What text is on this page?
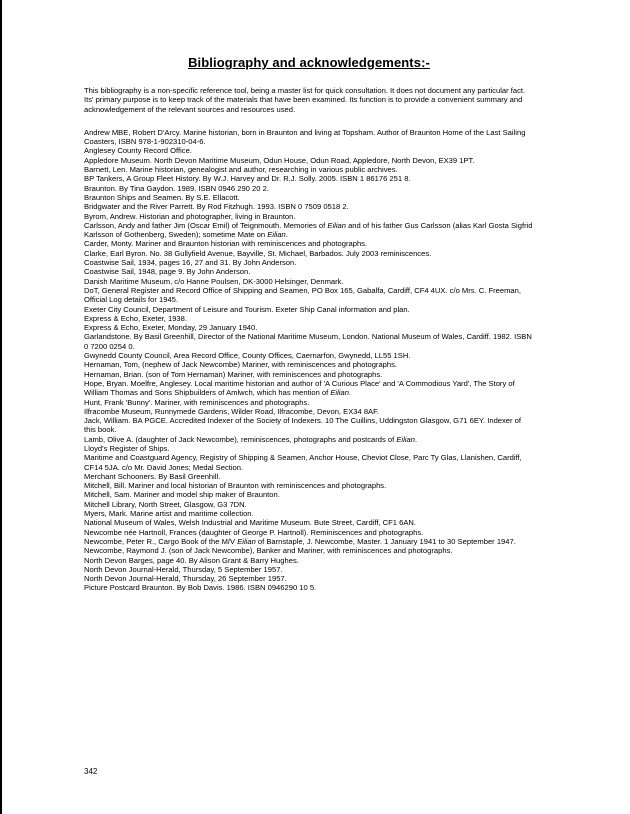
Bibliography and acknowledgements:-

This bibliography is a non-specific reference tool, being a master list for quick consultation. It does not document any particular fact. Its' primary purpose is to keep track of the materials that have been examined. Its function is to provide a convenient summary and acknowledgement of the relevant sources and resources used.

Andrew MBE, Robert D'Arcy. Marine historian, born in Braunton and living at Topsham. Author of Braunton Home of the Last Sailing Coasters, ISBN 978-1-902310-04-6.

Anglesey County Record Office.

Appledore Museum. North Devon Maritime Museum, Odun House, Odun Road, Appledore, North Devon, EX39 1PT.

Barnett, Len. Marine historian, genealogist and author, researching in various public archives.

BP Tankers, A Group Fleet History. By W.J. Harvey and Dr. R.J. Solly. 2005. ISBN 1 86176 251 8.

Braunton. By Tina Gaydon. 1989. ISBN 0946 290 20 2.

Braunton Ships and Seamen. By S.E. Ellacott.

Bridgwater and the River Parrett. By Rod Fitzhugh. 1993. ISBN 0 7509 0518 2.

Byrom, Andrew. Historian and photographer, living in Braunton.

Carlsson, Andy and father Jim (Oscar Emil) of Teignmouth. Memories of Eilian and of his father Gus Carlsson (alias Karl Gosta Sigfrid Karlsson of Gothenberg, Sweden); sometime Mate on Eilian.

Carder, Monty. Mariner and Braunton historian with reminiscences and photographs.

Clarke, Earl Byron. No. 38 Gullyfield Avenue, Bayville, St. Michael, Barbados. July 2003 reminiscences.

Coastwise Sail, 1934, pages 16, 27 and 31. By John Anderson.

Coastwise Sail, 1948, page 9. By John Anderson.

Danish Maritime Museum, c/o Hanne Poulsen, DK-3000 Helsinger, Denmark.

DoT, General Register and Record Office of Shipping and Seamen, PO Box 165, Gabalfa, Cardiff, CF4 4UX. c/o Mrs. C. Freeman, Official Log details for 1945.

Exeter City Council, Department of Leisure and Tourism. Exeter Ship Canal information and plan.

Express & Echo, Exeter, 1938.

Express & Echo, Exeter, Monday, 29 January 1940.

Garlandstone. By Basil Greenhill, Director of the National Maritime Museum, London. National Museum of Wales, Cardiff. 1982. ISBN 0 7200 0254 0.

Gwynedd County Council, Area Record Office, County Offices, Caernarfon, Gwynedd, LL55 1SH.

Hernaman, Tom, (nephew of Jack Newcombe) Mariner, with reminiscences and photographs.

Hernaman, Brian. (son of Tom Hernaman) Mariner, with reminiscences and photographs.

Hope, Bryan. Moelfre, Anglesey. Local maritime historian and author of 'A Curious Place' and 'A Commodious Yard', The Story of William Thomas and Sons Shipbuilders of Amlwch, which has mention of Eilian.

Hunt, Frank 'Bunny'. Mariner, with reminiscences and photographs.

Ilfracombe Museum, Runnymede Gardens, Wilder Road, Ilfracombe, Devon, EX34 8AF.

Jack, William. BA PGCE. Accredited Indexer of the Society of Indexers. 10 The Cuillins, Uddingston Glasgow, G71 6EY. Indexer of this book.

Lamb, Olive A. (daughter of Jack Newcombe), reminiscences, photographs and postcards of Eilian.

Lloyd's Register of Ships.

Maritime and Coastguard Agency, Registry of Shipping & Seamen, Anchor House, Cheviot Close, Parc Ty Glas, Llanishen, Cardiff, CF14 5JA. c/o Mr. David Jones; Medal Section.

Merchant Schooners. By Basil Greenhill.

Mitchell, Bill. Mariner and local historian of Braunton with reminiscences and photographs.

Mitchell, Sam. Mariner and model ship maker of Braunton.

Mitchell Library, North Street, Glasgow, G3 7DN.

Myers, Mark. Marine artist and maritime collection.

National Museum of Wales, Welsh Industrial and Maritime Museum. Bute Street, Cardiff, CF1 6AN.

Newcombe née Hartnoll, Frances (daughter of George P. Hartnoll). Reminiscences and photographs.

Newcombe, Peter R., Cargo Book of the M/V Eilian of Barnstaple, J. Newcombe, Master. 1 January 1941 to 30 September 1947.

Newcombe, Raymond J. (son of Jack Newcombe), Banker and Mariner, with reminiscences and photographs.

North Devon Barges, page 40. By Alison Grant & Barry Hughes.

North Devon Journal-Herald, Thursday, 5 September 1957.

North Devon Journal-Herald, Thursday, 26 September 1957.

Picture Postcard Braunton. By Bob Davis. 1986. ISBN 0946290 10 5.

342
